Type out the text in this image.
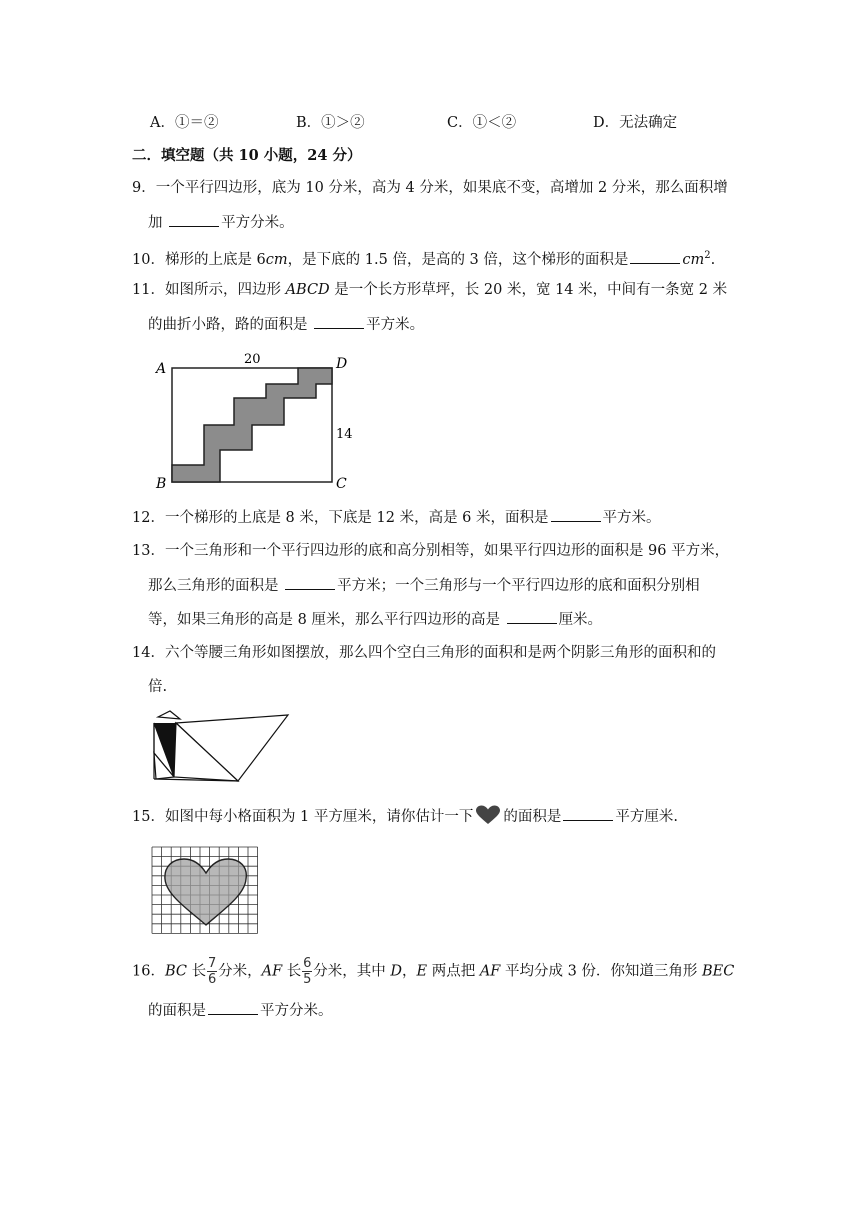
A．①＝②	B．①＞②	C．①＜②	D．无法确定
二．填空题（共 10 小题，24 分）
9．一个平行四边形，底为 10 分米，高为 4 分米，如果底不变，高增加 2 分米，那么面积增
加	平方分米。
10．梯形的上底是 6cm，是下底的 1.5 倍，是高的 3 倍，这个梯形的面积是	$cm^2$.
11．如图所示，四边形 ABCD 是一个长方形草坪，长 20 米，宽 14 米，中间有一条宽 2 米
的曲折小路，路的面积是	平方米。
A
B	C
D
20
14
12．一个梯形的上底是 8 米，下底是 12 米，高是 6 米，面积是	平方米。
13．一个三角形和一个平行四边形的底和高分别相等，如果平行四边形的面积是 96 平方米，
那么三角形的面积是	平方米；一个三角形与一个平行四边形的底和面积分别相
等，如果三角形的高是 8 厘米，那么平行四边形的高是	厘米。
14．六个等腰三角形如图摆放，那么四个空白三角形的面积和是两个阴影三角形的面积和的
倍.
15．如图中每小格面积为 1 平方厘米，请你估计一下 的面积是	平方厘米.
16．BC 长 $\frac{7}{6}$ 分米，AF 长 $\frac{6}{5}$ 分米，其中 D，E 两点把 AF 平均分成 3 份．你知道三角形 BEC
的面积是	平方分米。
